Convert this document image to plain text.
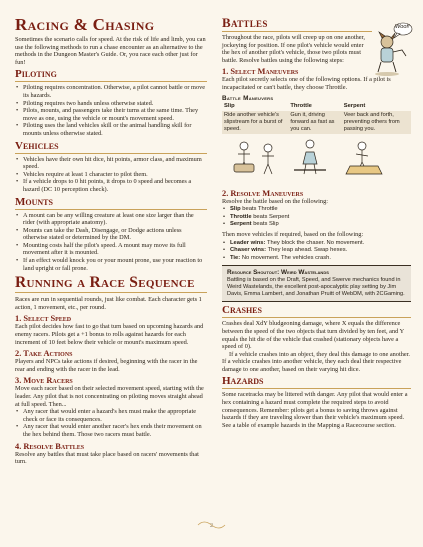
Racing & Chasing

Sometimes the scenario calls for speed. At the risk of life and limb, you can use the following methods to run a chase encounter as an alternative to the methods in the Dungeon Master's Guide. Or, you race each other just for fun!

Piloting
• Piloting requires concentration. Otherwise, a pilot cannot battle or move its hazards.
• Piloting requires two hands unless otherwise stated.
• Pilots, mounts, and passengers take their turns at the same time. They move as one, using the vehicle or mount's movement speed.
• Piloting uses the land vehicles skill or the animal handling skill for mounts unless otherwise stated.
Vehicles
• Vehicles have their own hit dice, hit points, armor class, and maximum speed.
• Vehicles require at least 1 character to pilot them.
• If a vehicle drops to 0 hit points, it drops to 0 speed and becomes a hazard (DC 10 perception check).
Mounts
• A mount can be any willing creature at least one size larger than the rider (with appropriate anatomy).
• Mounts can take the Dash, Disengage, or Dodge actions unless otherwise stated or determined by the DM.
• Mounting costs half the pilot's speed. A mount may move its full movement after it is mounted.
• If an effect would knock you or your mount prone, use your reaction to land upright or fall prone.
Running a Race Sequence

Races are run in sequential rounds, just like combat. Each character gets 1 action, 1 movement, etc., per round.

1. Select Speed

Each pilot decides how fast to go that turn based on upcoming hazards and enemy racers. Pilots get a +1 bonus to rolls against hazards for each increment of 10 feet below their vehicle or mount's maximum speed.

2. Take Actions

Players and NPCs take actions if desired, beginning with the racer in the rear and ending with the racer in the lead.

3. Move Racers

Move each racer based on their selected movement speed, starting with the leader. Any pilot that is not concentrating on piloting moves straight ahead at full speed. Then...

• Any racer that would enter a hazard's hex must make the appropriate check or face its consequences.
• Any racer that would enter another racer's hex ends their movement on the hex behind them. Those two racers must battle.
4. Resolve Battles

Resolve any battles that must take place based on racers' movements that turn.

Battles

Throughout the race, pilots will creep up on one another, jockeying for position. If one pilot's vehicle would enter the hex of another pilot's vehicle, those two pilots must battle. Resolve battles using the following steps:

Woof!
1. Select Maneuvers

Each pilot secretly selects one of the following options. If a pilot is incapacitated or can't battle, they choose Throttle.

Battle Maneuvers
Slip	Throttle	Serpent
Ride another vehicle's slipstream for a burst of speed.	Gun it, driving forward as fast as you can.	Veer back and forth, preventing others from passing you.
2. Resolve Maneuvers

Resolve the battle based on the following:

• Slip beats Throttle
• Throttle beats Serpent
• Serpent beats Slip

Then move vehicles if required, based on the following:

• Leader wins: They block the chaser. No movement.
• Chaser wins: They leap ahead. Swap hexes.
• Tie: No movement. The vehicles crash.
Resource Shoutout: Weird Wastelands
Battling is based on the Draft, Speed, and Swerve mechanics found in Weird Wastelands, the excellent post-apocalyptic play setting by Jim Davis, Emma Lambert, and Jonathan Pruitt of WebDM, with 2CGaming.
Crashes

Crashes deal XdY bludgeoning damage, where X equals the difference between the speed of the two objects that turn divided by ten feet, and Y equals the hit die of the vehicle that crashed (stationary objects have a speed of 0).

If a vehicle crashes into an object, they deal this damage to one another. If a vehicle crashes into another vehicle, they each deal their respective damage to one another, based on their varying hit dice.

Hazards

Some racetracks may be littered with danger. Any pilot that would enter a hex containing a hazard must complete the required steps to avoid consequences. Remember: pilots get a bonus to saving throws against hazards if they are traveling slower than their vehicle's maximum speed. See a table of example hazards in the Mapping a Racecourse section.

2
